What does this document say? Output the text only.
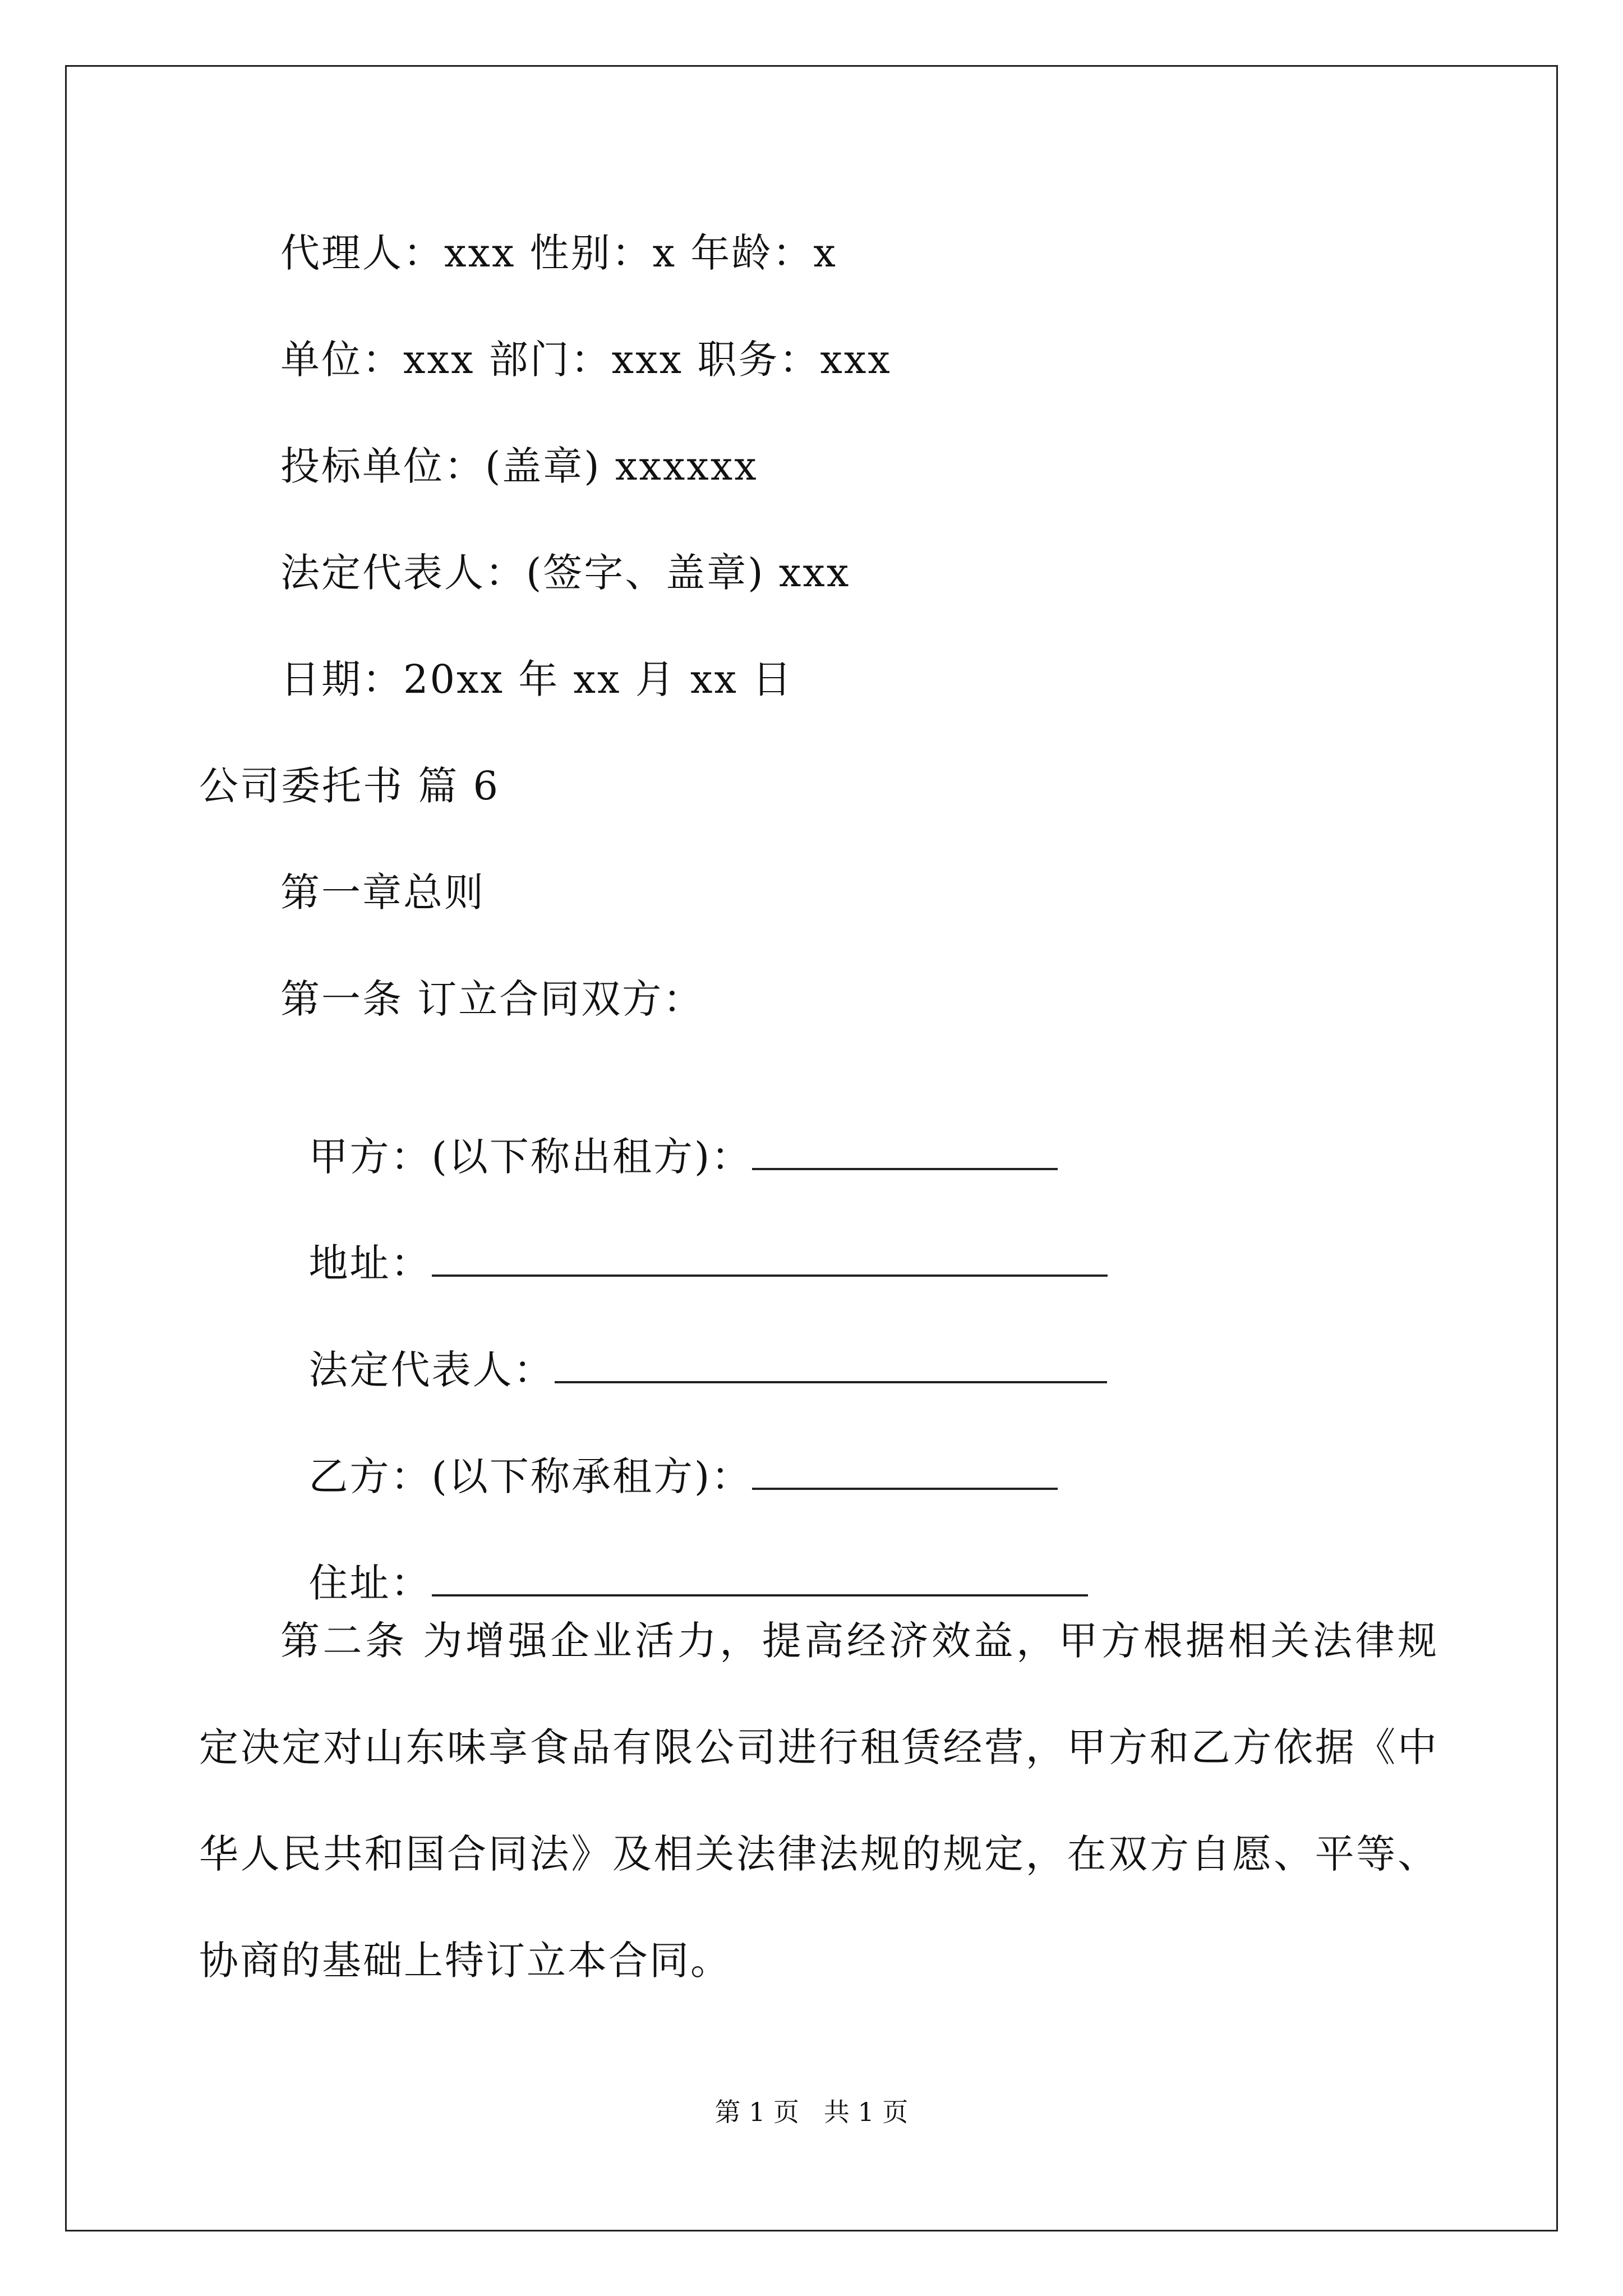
代理人：xxx 性别：x 年龄：x
单位：xxx 部门：xxx 职务：xxx
投标单位：(盖章) xxxxxx
法定代表人：(签字、盖章) xxx
日期：20xx 年 xx 月 xx 日
公司委托书 篇 6
第一章总则
第一条 订立合同双方：

甲方：(以下称出租方)：

地址：

法定代表人：

乙方：(以下称承租方)：

住址：

第二条 为增强企业活力，提高经济效益，甲方根据相关法律规定决定对山东味享食品有限公司进行租赁经营，甲方和乙方依据《中华人民共和国合同法》及相关法律法规的规定，在双方自愿、平等、协商的基础上特订立本合同。

第 1 页   共 1 页
